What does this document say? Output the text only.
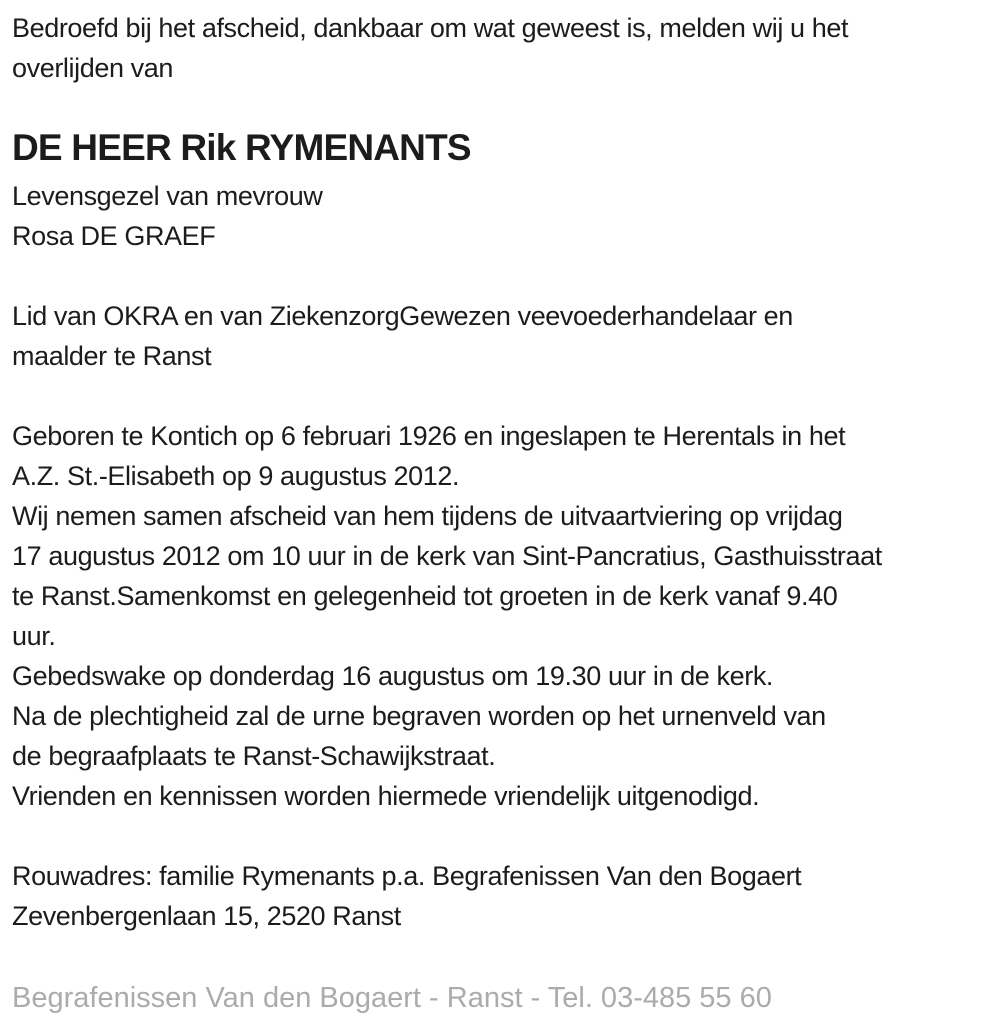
Bedroefd bij het afscheid, dankbaar om wat geweest is, melden wij u het
overlijden van
DE HEER Rik RYMENANTS
Levensgezel van mevrouw
Rosa DE GRAEF
Lid van OKRA en van ZiekenzorgGewezen veevoederhandelaar en
maalder te Ranst
Geboren te Kontich op 6 februari 1926 en ingeslapen te Herentals in het
A.Z. St.-Elisabeth op 9 augustus 2012.
Wij nemen samen afscheid van hem tijdens de uitvaartviering op vrijdag
17 augustus 2012 om 10 uur in de kerk van Sint-Pancratius, Gasthuisstraat
te Ranst.Samenkomst en gelegenheid tot groeten in de kerk vanaf 9.40
uur.
Gebedswake op donderdag 16 augustus om 19.30 uur in de kerk.
Na de plechtigheid zal de urne begraven worden op het urnenveld van
de begraafplaats te Ranst-Schawijkstraat.
Vrienden en kennissen worden hiermede vriendelijk uitgenodigd.
Rouwadres: familie Rymenants p.a. Begrafenissen Van den Bogaert
Zevenbergenlaan 15, 2520 Ranst
Begrafenissen Van den Bogaert - Ranst - Tel. 03-485 55 60
